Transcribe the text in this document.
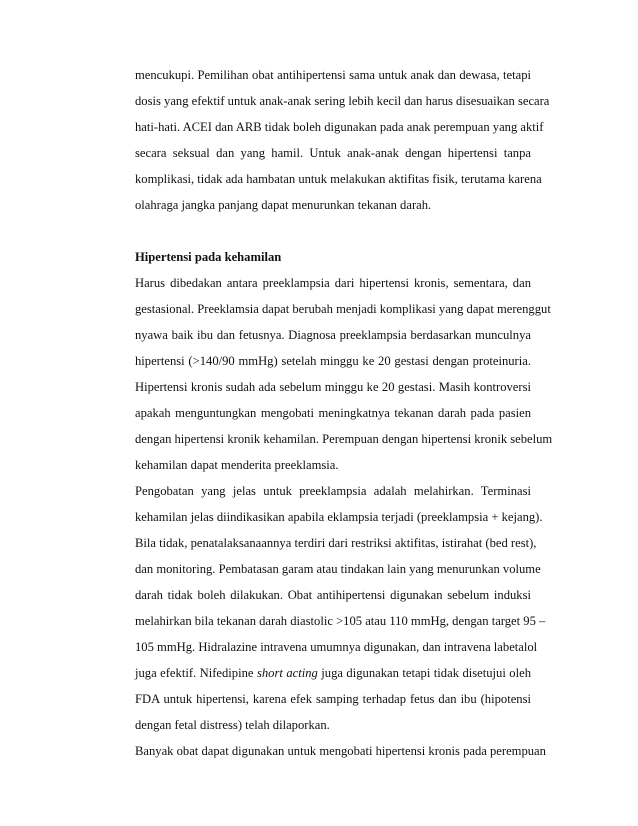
mencukupi. Pemilihan obat antihipertensi sama untuk anak dan dewasa, tetapi
dosis yang efektif untuk anak-anak sering lebih kecil dan harus disesuaikan secara
hati-hati. ACEI dan ARB tidak boleh digunakan pada anak perempuan yang aktif
secara seksual dan yang hamil. Untuk anak-anak dengan hipertensi tanpa
komplikasi, tidak ada hambatan untuk melakukan aktifitas fisik, terutama karena
olahraga jangka panjang dapat menurunkan tekanan darah.
Hipertensi pada kehamilan
Harus dibedakan antara preeklampsia dari hipertensi kronis, sementara, dan
gestasional. Preeklamsia dapat berubah menjadi komplikasi yang dapat merenggut
nyawa baik ibu dan fetusnya. Diagnosa preeklampsia berdasarkan munculnya
hipertensi (>140/90 mmHg) setelah minggu ke 20 gestasi dengan proteinuria.
Hipertensi kronis sudah ada sebelum minggu ke 20 gestasi. Masih kontroversi
apakah menguntungkan mengobati meningkatnya tekanan darah pada pasien
dengan hipertensi kronik kehamilan. Perempuan dengan hipertensi kronik sebelum
kehamilan dapat menderita preeklamsia.
Pengobatan yang jelas untuk preeklampsia adalah melahirkan. Terminasi
kehamilan jelas diindikasikan apabila eklampsia terjadi (preeklampsia + kejang).
Bila tidak, penatalaksanaannya terdiri dari restriksi aktifitas, istirahat (bed rest),
dan monitoring. Pembatasan garam atau tindakan lain yang menurunkan volume
darah tidak boleh dilakukan. Obat antihipertensi digunakan sebelum induksi
melahirkan bila tekanan darah diastolic >105 atau 110 mmHg, dengan target 95 –
105 mmHg. Hidralazine intravena umumnya digunakan, dan intravena labetalol
juga efektif. Nifedipine short acting juga digunakan tetapi tidak disetujui oleh
FDA untuk hipertensi, karena efek samping terhadap fetus dan ibu (hipotensi
dengan fetal distress) telah dilaporkan.
Banyak obat dapat digunakan untuk mengobati hipertensi kronis pada perempuan
